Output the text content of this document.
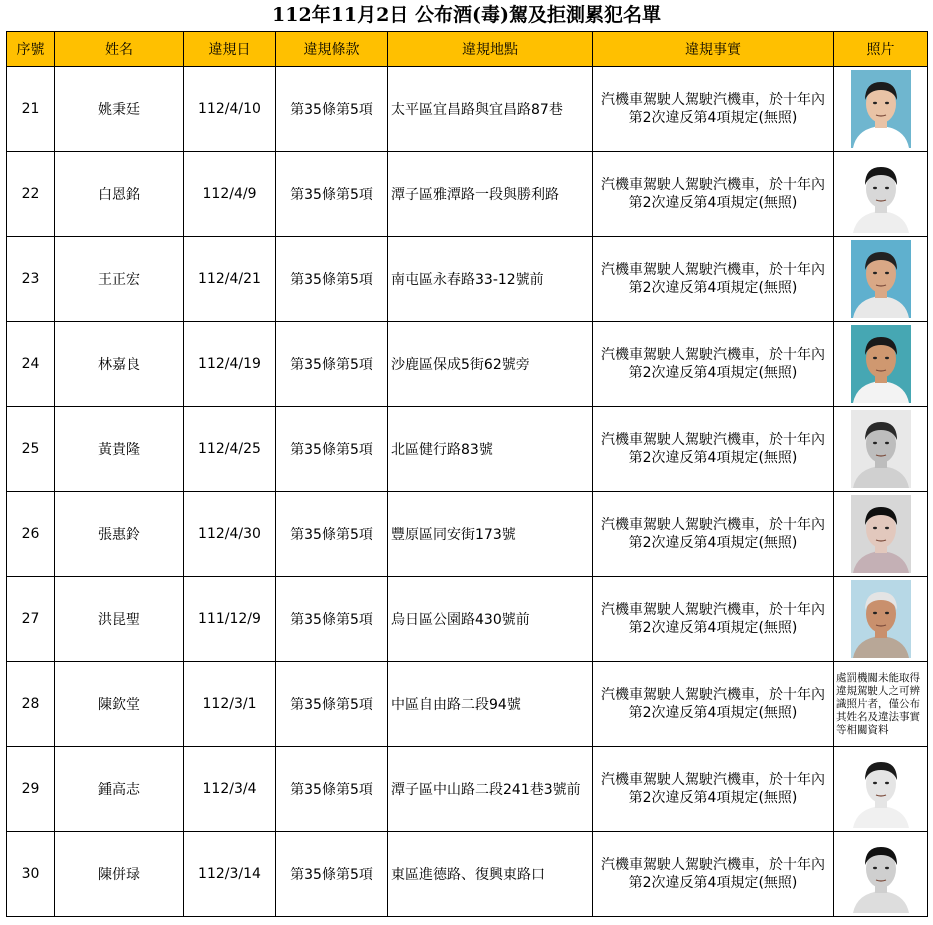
112年11月2日 公布酒(毒)駕及拒測累犯名單
序號	姓名	違規日	違規條款	違規地點	違規事實	照片
21	姚秉廷	112/4/10	第35條第5項	太平區宜昌路與宜昌路87巷	汽機車駕駛人駕駛汽機車，於十年內
第2次違反第4項規定(無照)

22	白恩銘	112/4/9	第35條第5項	潭子區雅潭路一段與勝利路	汽機車駕駛人駕駛汽機車，於十年內
第2次違反第4項規定(無照)

23	王正宏	112/4/21	第35條第5項	南屯區永春路33-12號前	汽機車駕駛人駕駛汽機車，於十年內
第2次違反第4項規定(無照)

24	林嘉良	112/4/19	第35條第5項	沙鹿區保成5街62號旁	汽機車駕駛人駕駛汽機車，於十年內
第2次違反第4項規定(無照)

25	黃貴隆	112/4/25	第35條第5項	北區健行路83號	汽機車駕駛人駕駛汽機車，於十年內
第2次違反第4項規定(無照)

26	張惠鈴	112/4/30	第35條第5項	豐原區同安街173號	汽機車駕駛人駕駛汽機車，於十年內
第2次違反第4項規定(無照)

27	洪昆聖	111/12/9	第35條第5項	烏日區公園路430號前	汽機車駕駛人駕駛汽機車，於十年內
第2次違反第4項規定(無照)

28	陳欽堂	112/3/1	第35條第5項	中區自由路二段94號	汽機車駕駛人駕駛汽機車，於十年內
第2次違反第4項規定(無照)	處罰機關未能取得違規駕駛人之可辨識照片者，僅公布 其姓名及違法事實等相關資料

29	鍾高志	112/3/4	第35條第5項	潭子區中山路二段241巷3號前	汽機車駕駛人駕駛汽機車，於十年內
第2次違反第4項規定(無照)

30	陳併琭	112/3/14	第35條第5項	東區進德路、復興東路口	汽機車駕駛人駕駛汽機車，於十年內
第2次違反第4項規定(無照)
